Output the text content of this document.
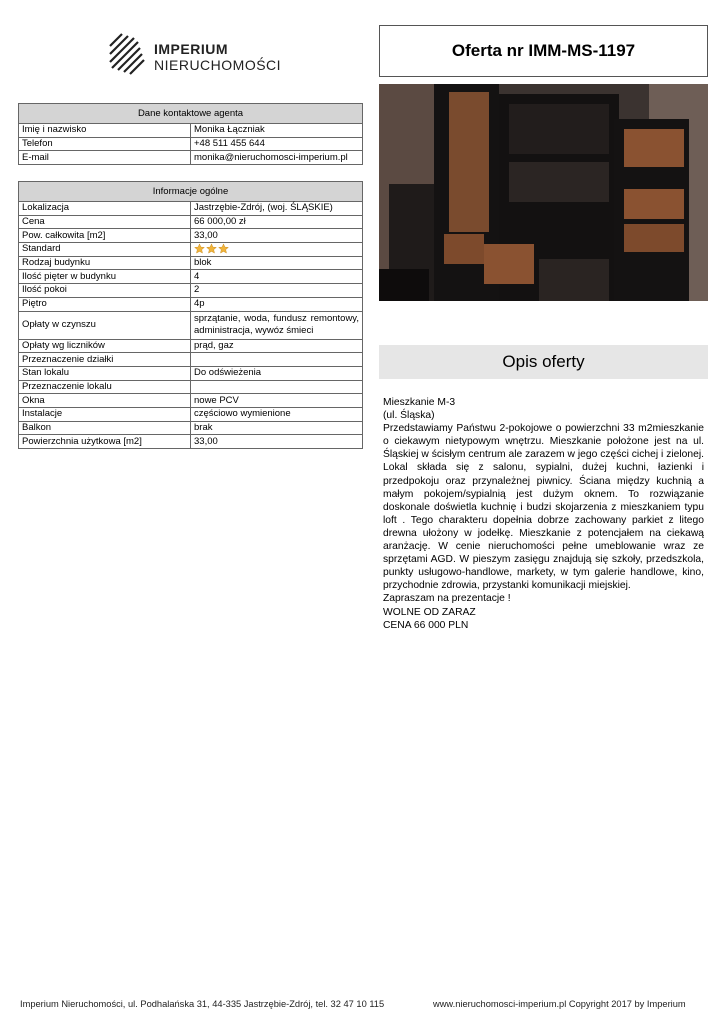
IMPERIUM
NIERUCHOMOŚCI
Oferta nr IMM-MS-1197
Dane kontaktowe agenta	
Imię i nazwisko	Monika Łączniak
Telefon	+48 511 455 644
E-mail	monika@nieruchomosci-imperium.pl
Informacje ogólne	
Lokalizacja	Jastrzębie-Zdrój, (woj. ŚLĄSKIE)
Cena	66 000,00 zł
Pow. całkowita [m2]	33,00
Standard	

Rodzaj budynku	blok
Ilość pięter w budynku	4
Ilość pokoi	2
Piętro	4p
Opłaty w czynszu	sprzątanie, woda, fundusz remontowy, administracja, wywóz śmieci
Opłaty wg liczników	prąd, gaz
Przeznaczenie działki	
Stan lokalu	Do odświeżenia
Przeznaczenie lokalu	
Okna	nowe PCV
Instalacje	częściowo wymienione
Balkon	brak
Powierzchnia użytkowa [m2]	33,00
Opis oferty

Mieszkanie M-3

(ul. Śląska)

Przedstawiamy Państwu 2-pokojowe o powierzchni 33 m2mieszkanie o ciekawym nietypowym wnętrzu. Mieszkanie położone jest na ul. Śląskiej w ścisłym centrum ale zarazem w jego części cichej i zielonej. Lokal składa się z salonu, sypialni, dużej kuchni, łazienki i przedpokoju oraz przynależnej piwnicy. Ściana między kuchnią a małym pokojem/sypialnią jest dużym oknem. To rozwiązanie doskonale doświetla kuchnię i budzi skojarzenia z mieszkaniem typu loft . Tego charakteru dopełnia dobrze zachowany parkiet z litego drewna ułożony w jodełkę. Mieszkanie z potencjałem na ciekawą aranżację. W cenie nieruchomości pełne umeblowanie wraz ze sprzętami AGD. W pieszym zasięgu znajdują się szkoły, przedszkola, punkty usługowo-handlowe, markety, w tym galerie handlowe, kino, przychodnie zdrowia, przystanki komunikacji miejskiej.

Zapraszam na prezentacje !

WOLNE OD ZARAZ

CENA 66 000 PLN

Imperium Nieruchomości, ul. Podhalańska 31, 44-335 Jastrzębie-Zdrój, tel. 32 47 10 115	www.nieruchomosci-imperium.pl Copyright 2017 by Imperium
